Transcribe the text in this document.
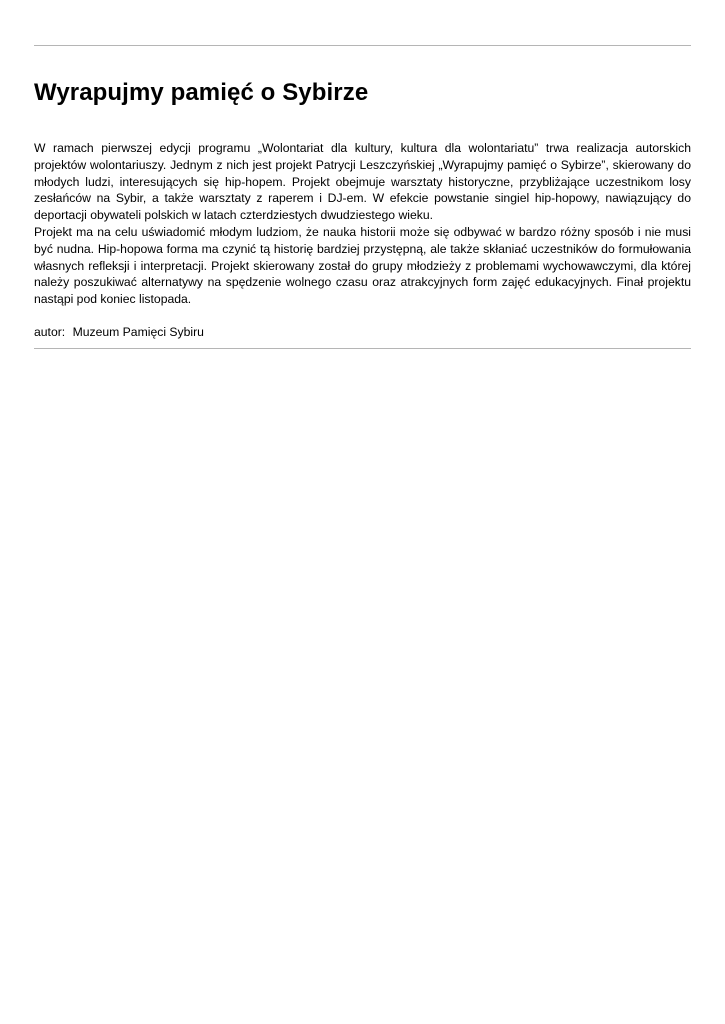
Wyrapujmy pamięć o Sybirze

W ramach pierwszej edycji programu „Wolontariat dla kultury, kultura dla wolontariatu” trwa realizacja autorskich projektów wolontariuszy. Jednym z nich jest projekt Patrycji Leszczyńskiej „Wyrapujmy pamięć o Sybirze”, skierowany do młodych ludzi, interesujących się hip-hopem. Projekt obejmuje warsztaty historyczne, przybliżające uczestnikom losy zesłańców na Sybir, a także warsztaty z raperem i DJ-em. W efekcie powstanie singiel hip-hopowy, nawiązujący do deportacji obywateli polskich w latach czterdziestych dwudziestego wieku.

Projekt ma na celu uświadomić młodym ludziom, że nauka historii może się odbywać w bardzo różny sposób i nie musi być nudna. Hip-hopowa forma ma czynić tą historię bardziej przystępną, ale także skłaniać uczestników do formułowania własnych refleksji i interpretacji. Projekt skierowany został do grupy młodzieży z problemami wychowawczymi, dla której należy poszukiwać alternatywy na spędzenie wolnego czasu oraz atrakcyjnych form zajęć edukacyjnych. Finał projektu nastąpi pod koniec listopada.

autor: Muzeum Pamięci Sybiru
